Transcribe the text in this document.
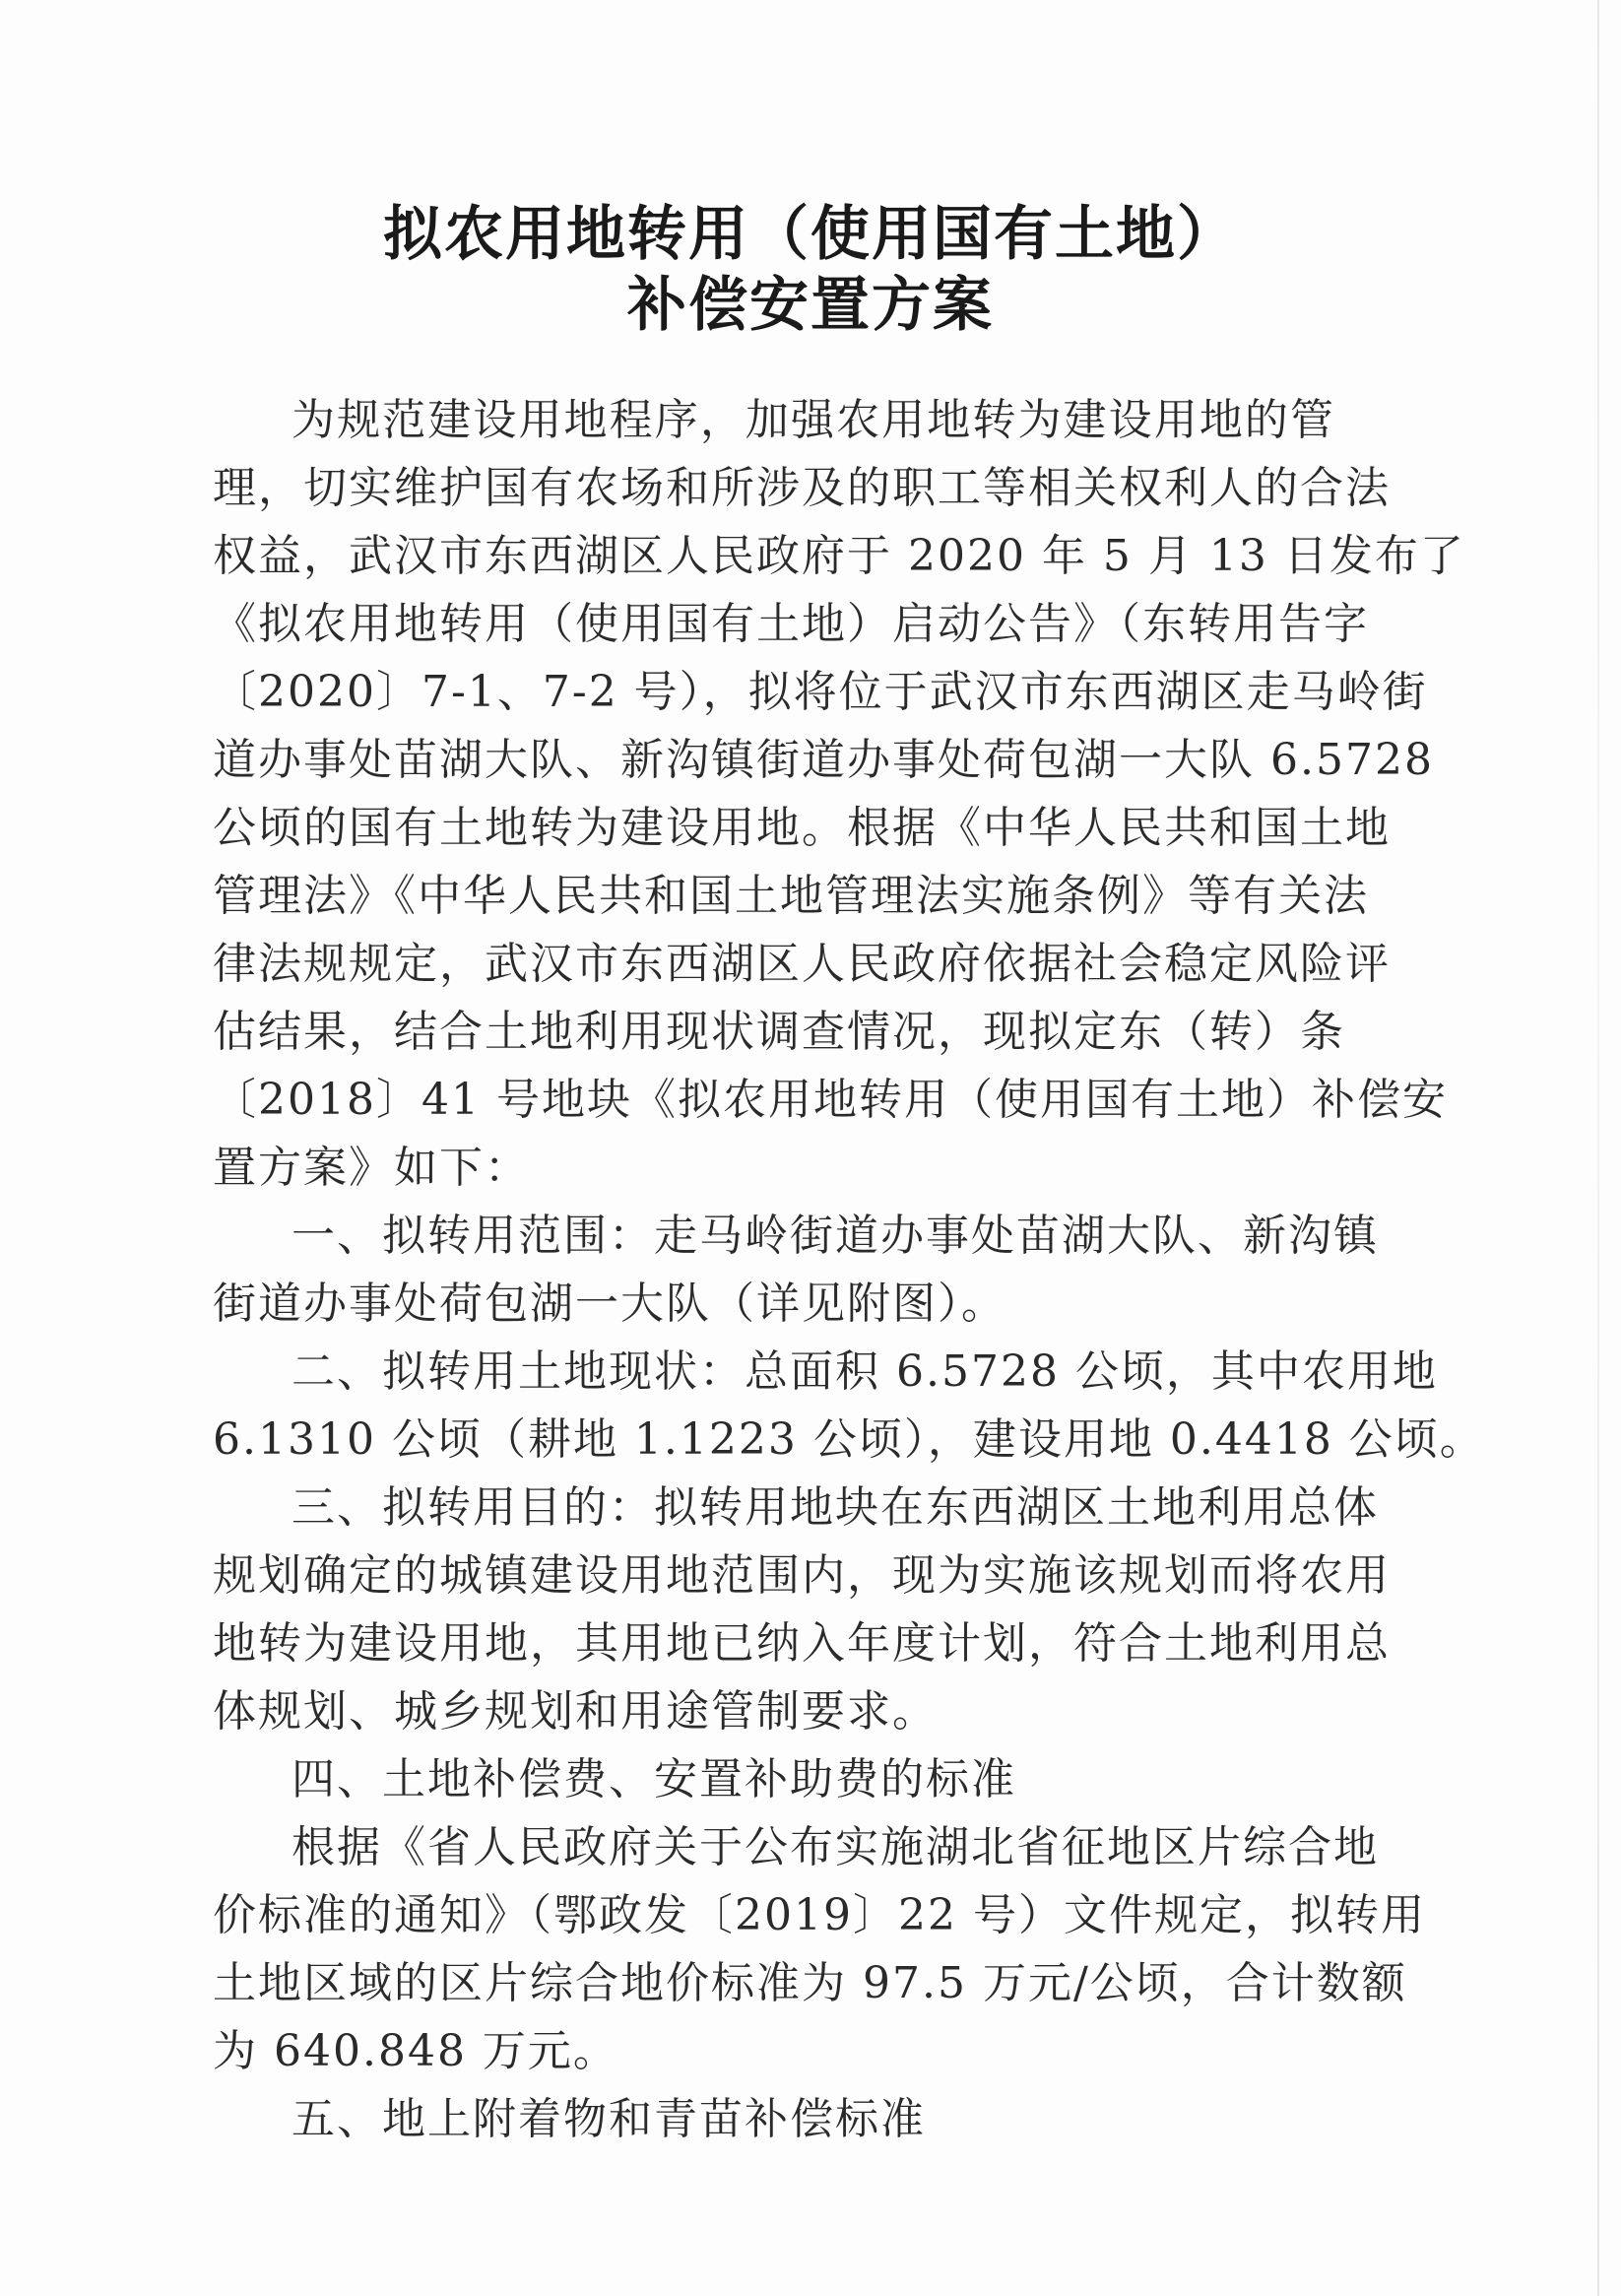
拟农用地转用（使用国有土地）
补偿安置方案
为规范建设用地程序，加强农用地转为建设用地的管
理，切实维护国有农场和所涉及的职工等相关权利人的合法
权益，武汉市东西湖区人民政府于 2020 年 5 月 13 日发布了
《拟农用地转用（使用国有土地）启动公告》（东转用告字
〔2020〕7-1、7-2 号），拟将位于武汉市东西湖区走马岭街
道办事处苗湖大队、新沟镇街道办事处荷包湖一大队 6.5728
公顷的国有土地转为建设用地。根据《中华人民共和国土地
管理法》《中华人民共和国土地管理法实施条例》等有关法
律法规规定，武汉市东西湖区人民政府依据社会稳定风险评
估结果，结合土地利用现状调查情况，现拟定东（转）条
〔2018〕41 号地块《拟农用地转用（使用国有土地）补偿安
置方案》如下：
一、拟转用范围：走马岭街道办事处苗湖大队、新沟镇
街道办事处荷包湖一大队（详见附图）。
二、拟转用土地现状：总面积 6.5728 公顷，其中农用地
6.1310 公顷（耕地 1.1223 公顷），建设用地 0.4418 公顷。
三、拟转用目的：拟转用地块在东西湖区土地利用总体
规划确定的城镇建设用地范围内，现为实施该规划而将农用
地转为建设用地，其用地已纳入年度计划，符合土地利用总
体规划、城乡规划和用途管制要求。
四、土地补偿费、安置补助费的标准
根据《省人民政府关于公布实施湖北省征地区片综合地
价标准的通知》（鄂政发〔2019〕22 号）文件规定，拟转用
土地区域的区片综合地价标准为 97.5 万元/公顷，合计数额
为 640.848 万元。
五、地上附着物和青苗补偿标准
